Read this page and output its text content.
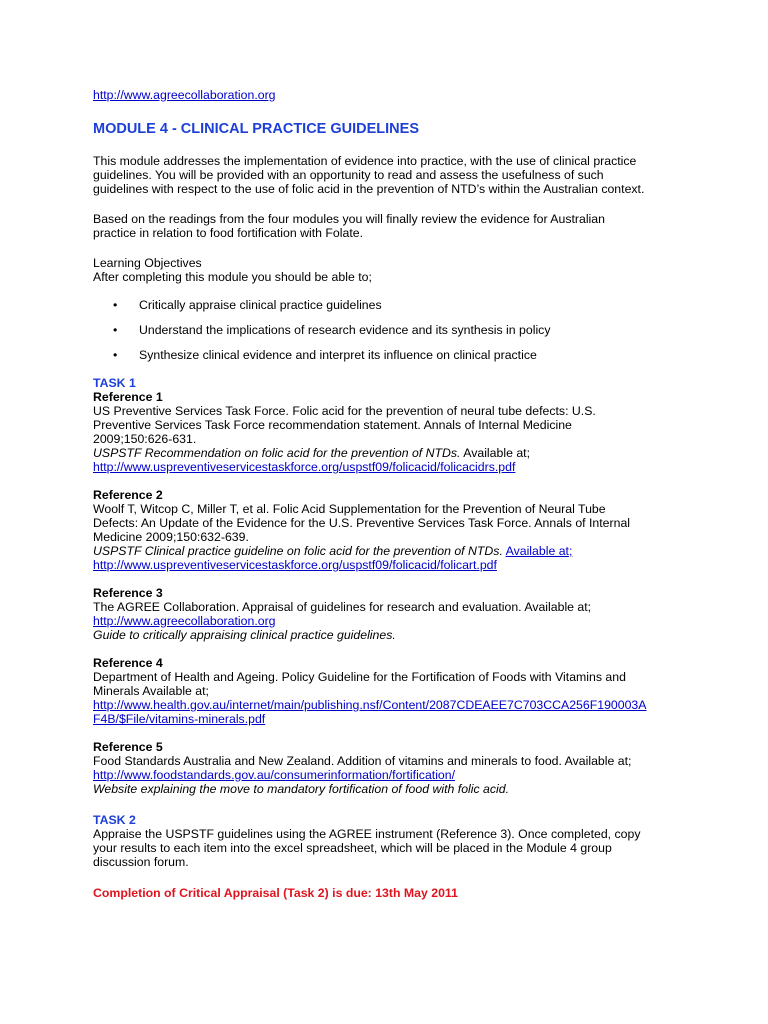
http://www.agreecollaboration.org
MODULE 4 - CLINICAL PRACTICE GUIDELINES
This module addresses the implementation of evidence into practice, with the use of clinical practice
guidelines. You will be provided with an opportunity to read and assess the usefulness of such
guidelines with respect to the use of folic acid in the prevention of NTD’s within the Australian context.
Based on the readings from the four modules you will finally review the evidence for Australian
practice in relation to food fortification with Folate.
Learning Objectives
After completing this module you should be able to;
• Critically appraise clinical practice guidelines
• Understand the implications of research evidence and its synthesis in policy
• Synthesize clinical evidence and interpret its influence on clinical practice
TASK 1
Reference 1
US Preventive Services Task Force. Folic acid for the prevention of neural tube defects: U.S.
Preventive Services Task Force recommendation statement. Annals of Internal Medicine
2009;150:626-631.
USPSTF Recommendation on folic acid for the prevention of NTDs. Available at;
http://www.uspreventiveservicestaskforce.org/uspstf09/folicacid/folicacidrs.pdf
Reference 2
Woolf T, Witcop C, Miller T, et al. Folic Acid Supplementation for the Prevention of Neural Tube
Defects: An Update of the Evidence for the U.S. Preventive Services Task Force. Annals of Internal
Medicine 2009;150:632-639.
USPSTF Clinical practice guideline on folic acid for the prevention of NTDs. Available at;
http://www.uspreventiveservicestaskforce.org/uspstf09/folicacid/folicart.pdf
Reference 3
The AGREE Collaboration. Appraisal of guidelines for research and evaluation. Available at;
http://www.agreecollaboration.org
Guide to critically appraising clinical practice guidelines.
Reference 4
Department of Health and Ageing. Policy Guideline for the Fortification of Foods with Vitamins and
Minerals Available at;
http://www.health.gov.au/internet/main/publishing.nsf/Content/2087CDEAEE7C703CCA256F190003A
F4B/$File/vitamins-minerals.pdf
Reference 5
Food Standards Australia and New Zealand. Addition of vitamins and minerals to food. Available at;
http://www.foodstandards.gov.au/consumerinformation/fortification/
Website explaining the move to mandatory fortification of food with folic acid.
TASK 2
Appraise the USPSTF guidelines using the AGREE instrument (Reference 3). Once completed, copy
your results to each item into the excel spreadsheet, which will be placed in the Module 4 group
discussion forum.
Completion of Critical Appraisal (Task 2) is due: 13th May 2011
